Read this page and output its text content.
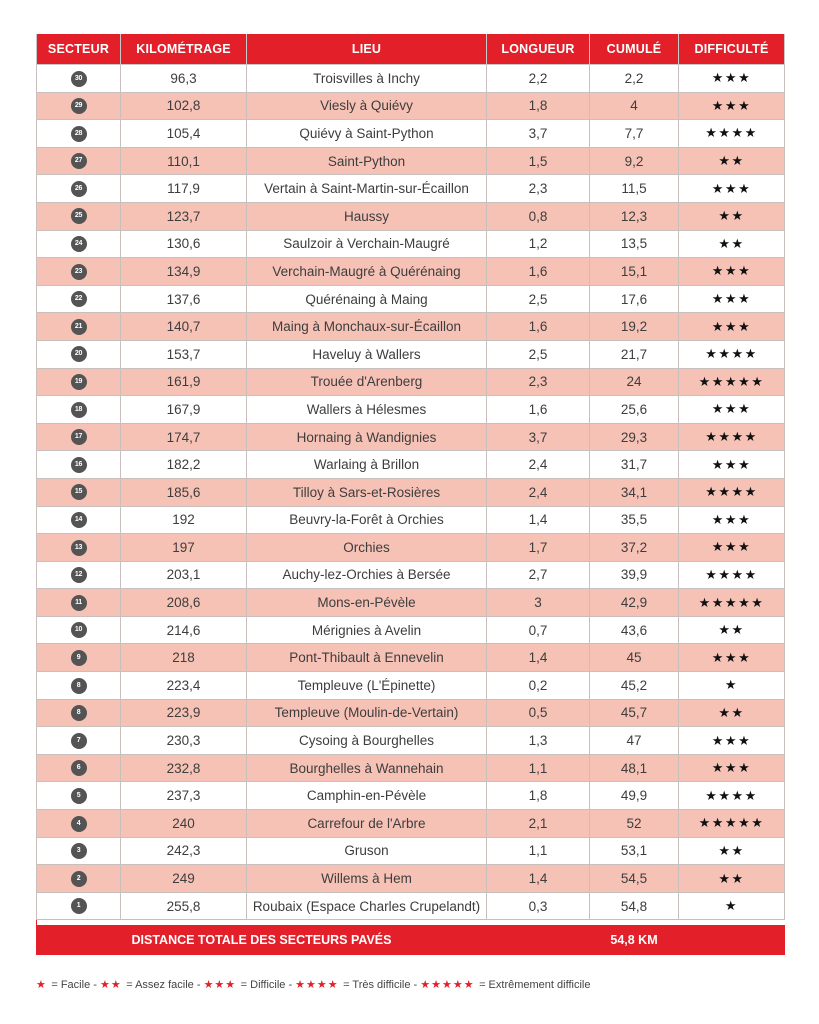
SECTEUR	KILOMÉTRAGE	LIEU	LONGUEUR	CUMULÉ	DIFFICULTÉ
30	96,3	Troisvilles à Inchy	2,2	2,2	★★★
29	102,8	Viesly à Quiévy	1,8	4	★★★
28	105,4	Quiévy à Saint-Python	3,7	7,7	★★★★
27	110,1	Saint-Python	1,5	9,2	★★
26	117,9	Vertain à Saint-Martin-sur-Écaillon	2,3	11,5	★★★
25	123,7	Haussy	0,8	12,3	★★
24	130,6	Saulzoir à Verchain-Maugré	1,2	13,5	★★
23	134,9	Verchain-Maugré à Quérénaing	1,6	15,1	★★★
22	137,6	Quérénaing à Maing	2,5	17,6	★★★
21	140,7	Maing à Monchaux-sur-Écaillon	1,6	19,2	★★★
20	153,7	Haveluy à Wallers	2,5	21,7	★★★★
19	161,9	Trouée d'Arenberg	2,3	24	★★★★★
18	167,9	Wallers à Hélesmes	1,6	25,6	★★★
17	174,7	Hornaing à Wandignies	3,7	29,3	★★★★
16	182,2	Warlaing à Brillon	2,4	31,7	★★★
15	185,6	Tilloy à Sars-et-Rosières	2,4	34,1	★★★★
14	192	Beuvry-la-Forêt à Orchies	1,4	35,5	★★★
13	197	Orchies	1,7	37,2	★★★
12	203,1	Auchy-lez-Orchies à Bersée	2,7	39,9	★★★★
11	208,6	Mons-en-Pévèle	3	42,9	★★★★★
10	214,6	Mérignies à Avelin	0,7	43,6	★★
9	218	Pont-Thibault à Ennevelin	1,4	45	★★★
8	223,4	Templeuve (L'Épinette)	0,2	45,2	★
8	223,9	Templeuve (Moulin-de-Vertain)	0,5	45,7	★★
7	230,3	Cysoing à Bourghelles	1,3	47	★★★
6	232,8	Bourghelles à Wannehain	1,1	48,1	★★★
5	237,3	Camphin-en-Pévèle	1,8	49,9	★★★★
4	240	Carrefour de l'Arbre	2,1	52	★★★★★
3	242,3	Gruson	1,1	53,1	★★
2	249	Willems à Hem	1,4	54,5	★★
1	255,8	Roubaix (Espace Charles Crupelandt)	0,3	54,8	★

DISTANCE TOTALE DES SECTEURS PAVÉS				54,8 KM	
★ = Facile - ★★ = Assez facile - ★★★ = Difficile - ★★★★ = Très difficile - ★★★★★ = Extrêmement difficile
